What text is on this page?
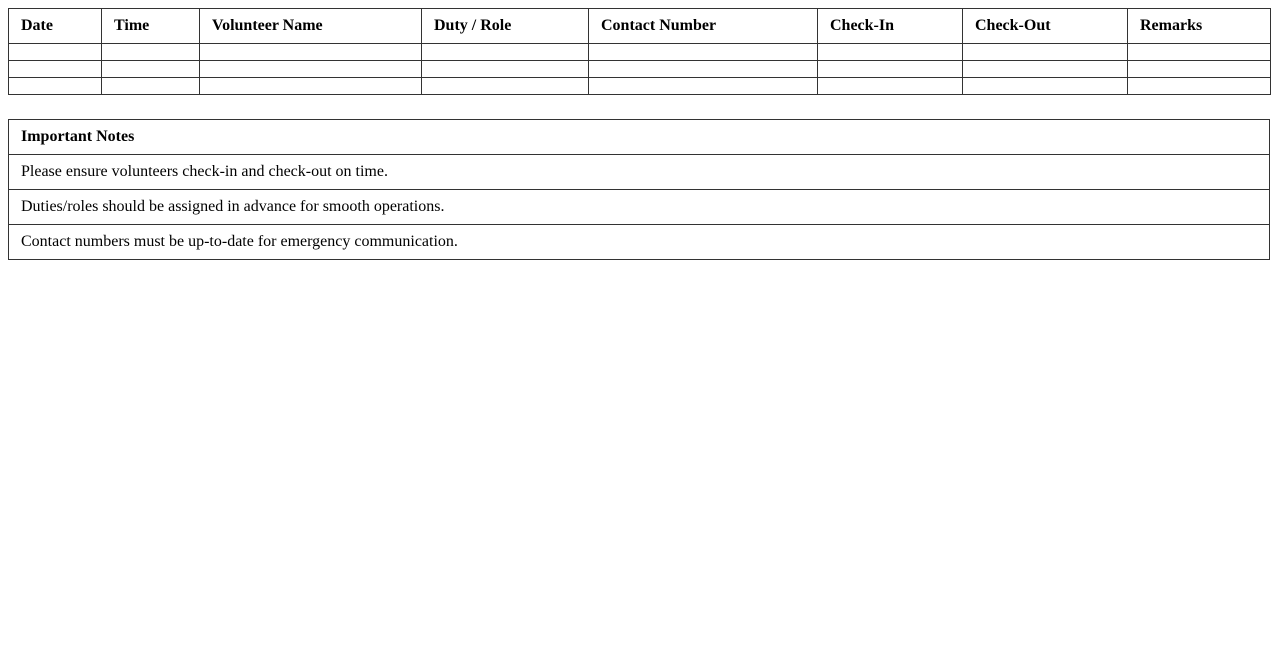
Date	Time	Volunteer Name	Duty / Role	Contact Number	Check-In	Check-Out	Remarks

Important Notes
Please ensure volunteers check-in and check-out on time.
Duties/roles should be assigned in advance for smooth operations.
Contact numbers must be up-to-date for emergency communication.
